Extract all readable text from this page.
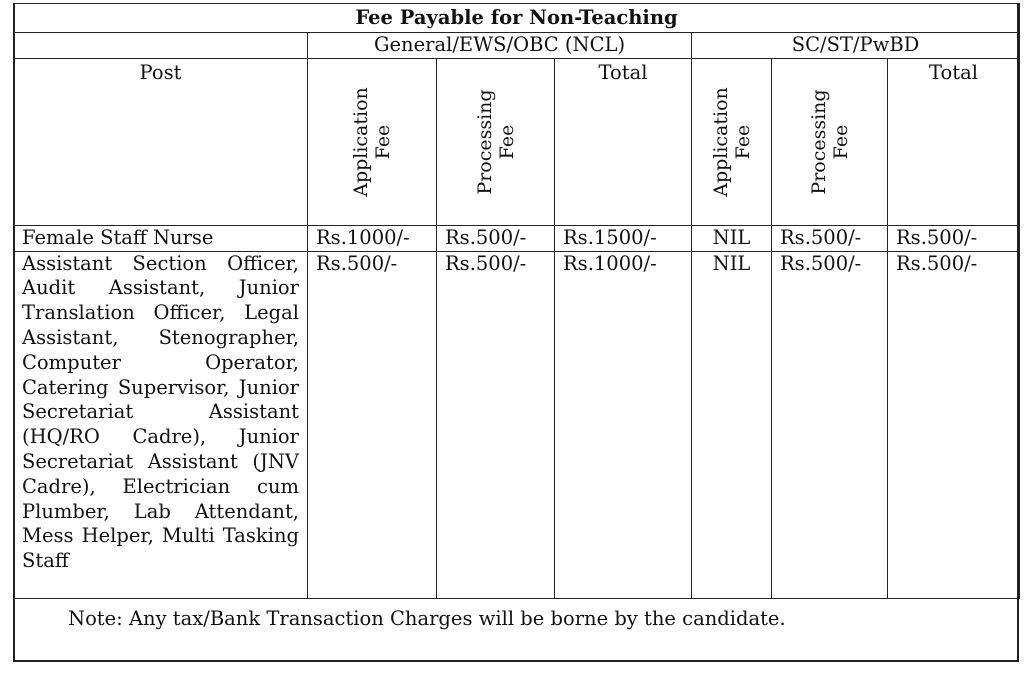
Fee Payable for Non-Teaching						
	General/EWS/OBC (NCL)			SC/ST/PwBD		
Post	Application Fee	Processing Fee	Total	Application Fee	Processing Fee	Total
Female Staff Nurse	Rs.1000/-	Rs.500/-	Rs.1500/-	NIL	Rs.500/-	Rs.500/-
Assistant Section Officer, Audit Assistant, Junior Translation Officer, Legal Assistant, Stenographer, Computer Operator, Catering Supervisor, Junior Secretariat Assistant (HQ/RO Cadre), Junior Secretariat Assistant (JNV Cadre), Electrician cum Plumber, Lab Attendant, Mess Helper, Multi Tasking Staff	Rs.500/-	Rs.500/-	Rs.1000/-	NIL	Rs.500/-	Rs.500/-
Note: Any tax/Bank Transaction Charges will be borne by the candidate.
